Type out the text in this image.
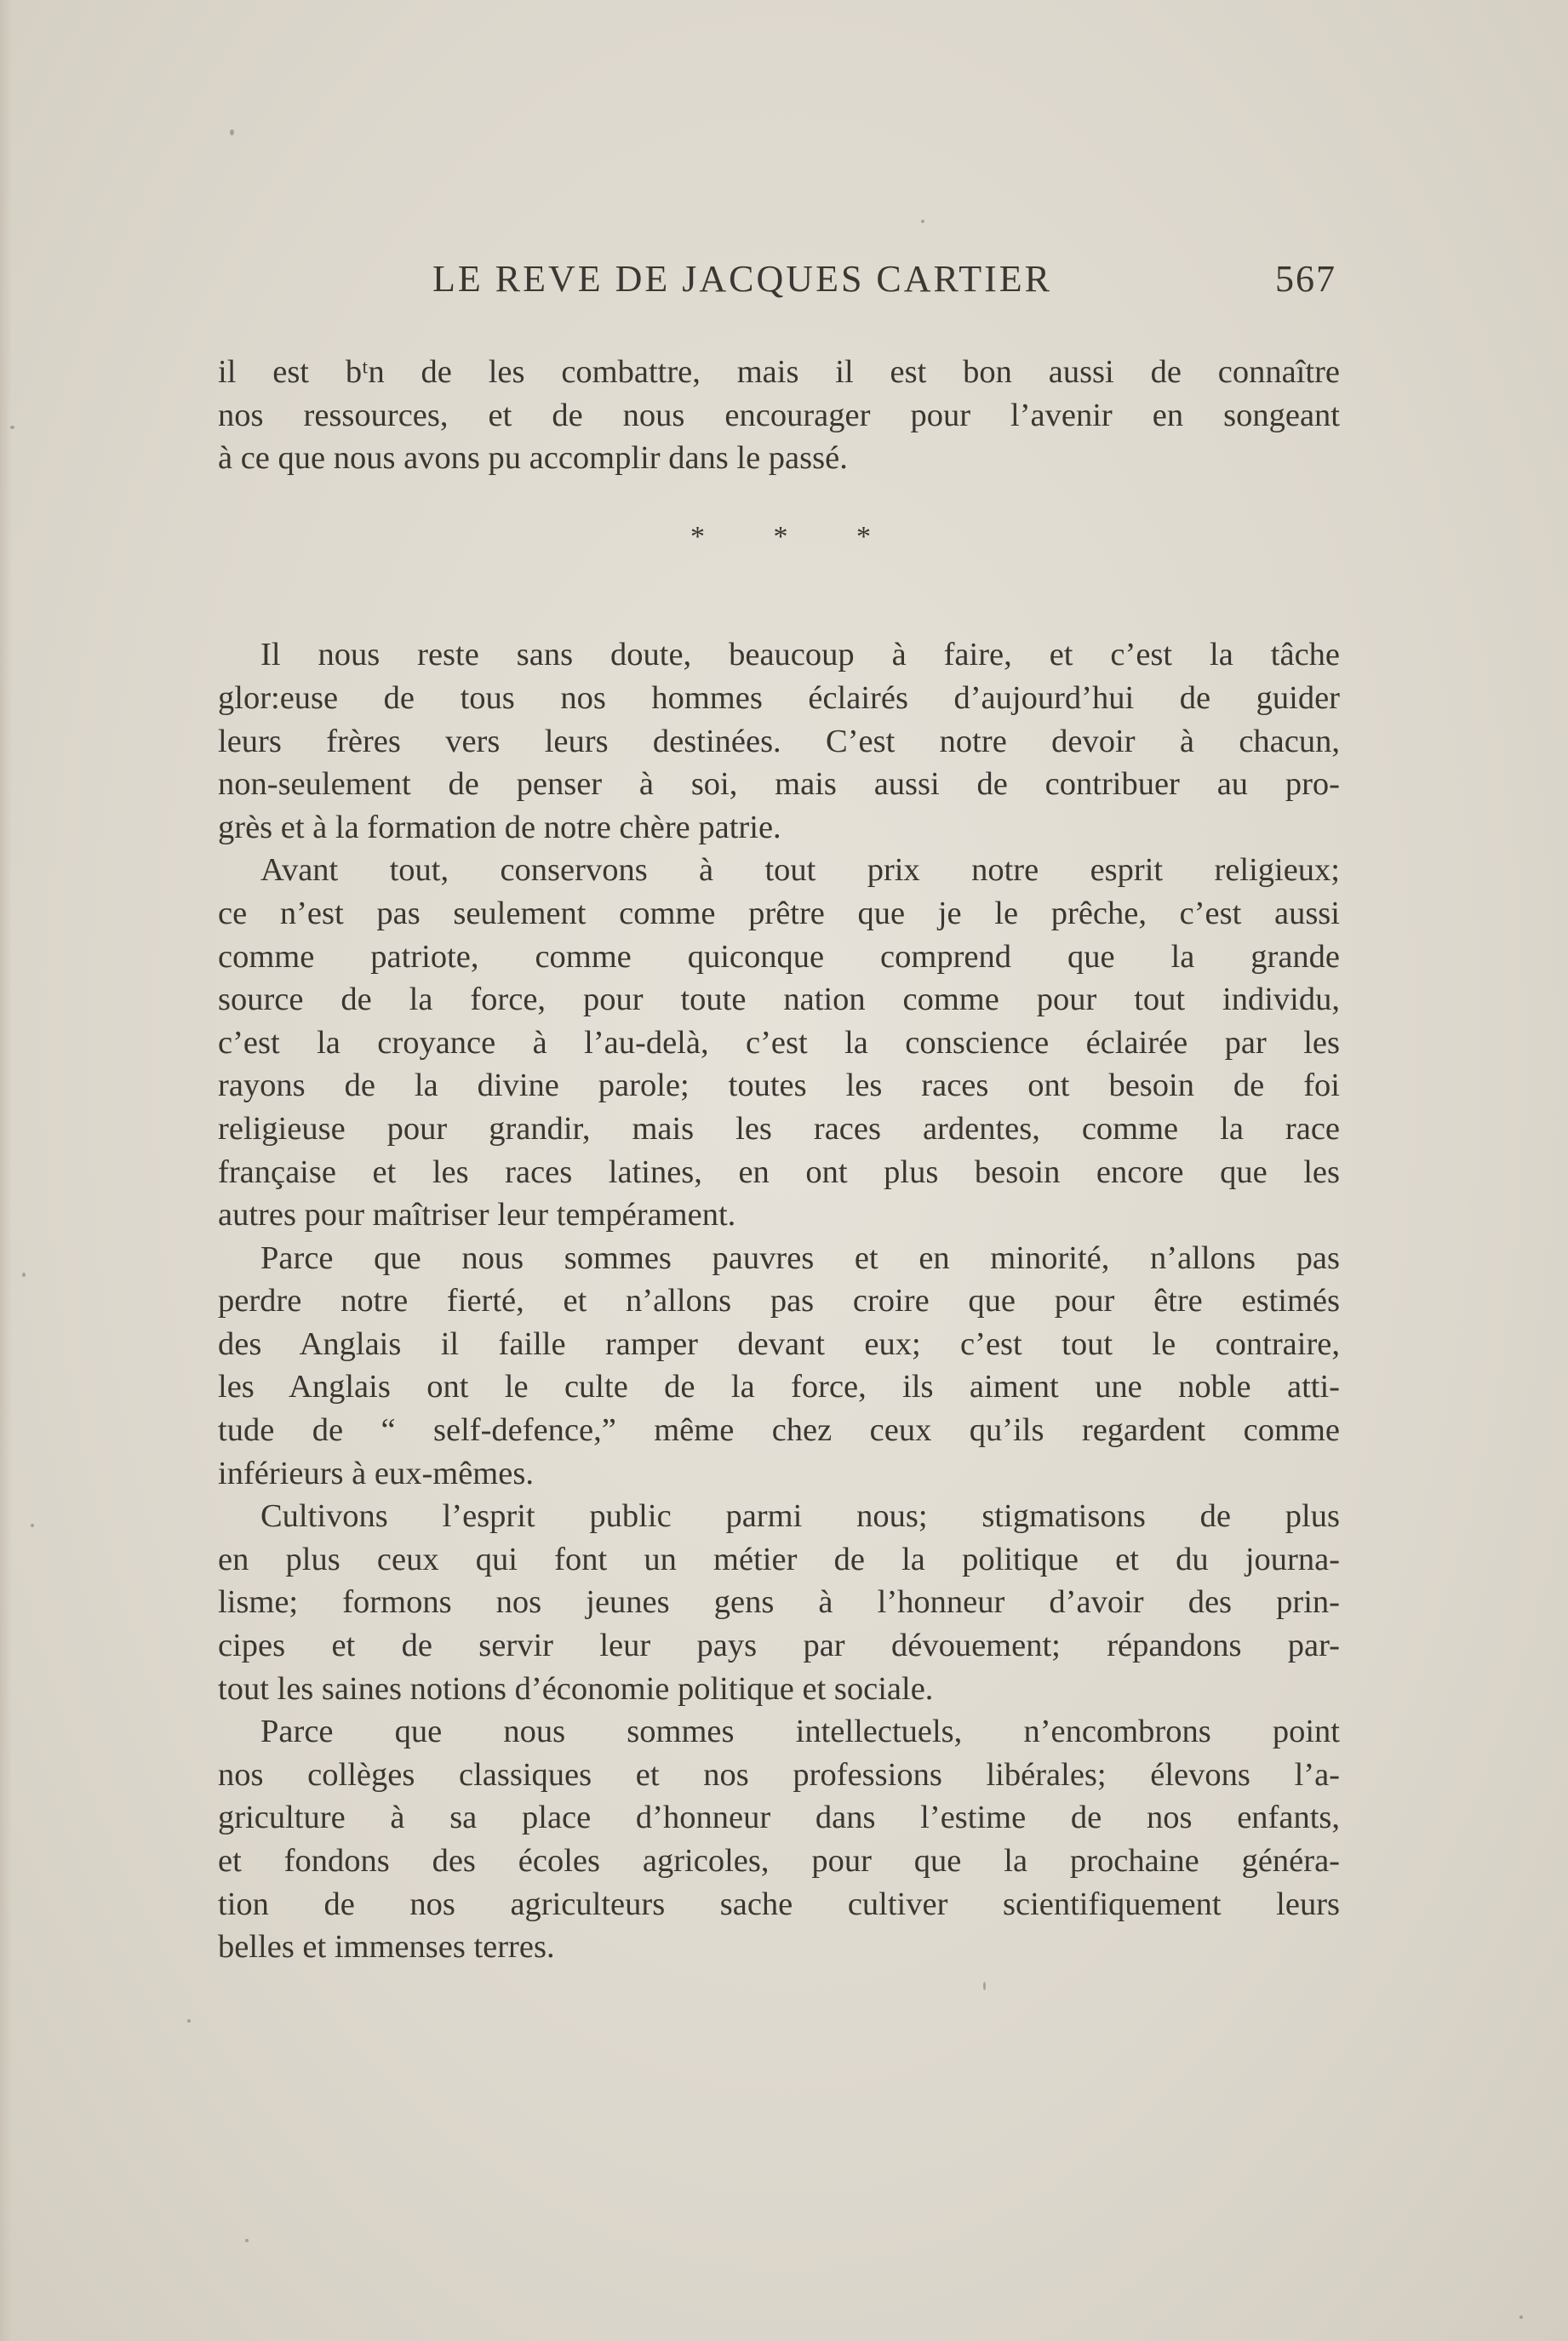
LE REVE DE JACQUES CARTIER	567

il est bᵗn de les combattre, mais il est bon aussi de connaître

nos ressources, et de nous encourager pour l’avenir en songeant

à ce que nous avons pu accomplir dans le passé.

* * *

Il nous reste sans doute, beaucoup à faire, et c’est la tâche

glor:euse de tous nos hommes éclairés d’aujourd’hui de guider

leurs frères vers leurs destinées. C’est notre devoir à chacun,

non-seulement de penser à soi, mais aussi de contribuer au pro-

grès et à la formation de notre chère patrie.

Avant tout, conservons à tout prix notre esprit religieux;

ce n’est pas seulement comme prêtre que je le prêche, c’est aussi

comme patriote, comme quiconque comprend que la grande

source de la force, pour toute nation comme pour tout individu,

c’est la croyance à l’au-delà, c’est la conscience éclairée par les

rayons de la divine parole; toutes les races ont besoin de foi

religieuse pour grandir, mais les races ardentes, comme la race

française et les races latines, en ont plus besoin encore que les

autres pour maîtriser leur tempérament.

Parce que nous sommes pauvres et en minorité, n’allons pas

perdre notre fierté, et n’allons pas croire que pour être estimés

des Anglais il faille ramper devant eux; c’est tout le contraire,

les Anglais ont le culte de la force, ils aiment une noble atti-

tude de “ self-defence,” même chez ceux qu’ils regardent comme

inférieurs à eux-mêmes.

Cultivons l’esprit public parmi nous; stigmatisons de plus

en plus ceux qui font un métier de la politique et du journa-

lisme; formons nos jeunes gens à l’honneur d’avoir des prin-

cipes et de servir leur pays par dévouement; répandons par-

tout les saines notions d’économie politique et sociale.

Parce que nous sommes intellectuels, n’encombrons point

nos collèges classiques et nos professions libérales; élevons l’a-

griculture à sa place d’honneur dans l’estime de nos enfants,

et fondons des écoles agricoles, pour que la prochaine généra-

tion de nos agriculteurs sache cultiver scientifiquement leurs

belles et immenses terres.
